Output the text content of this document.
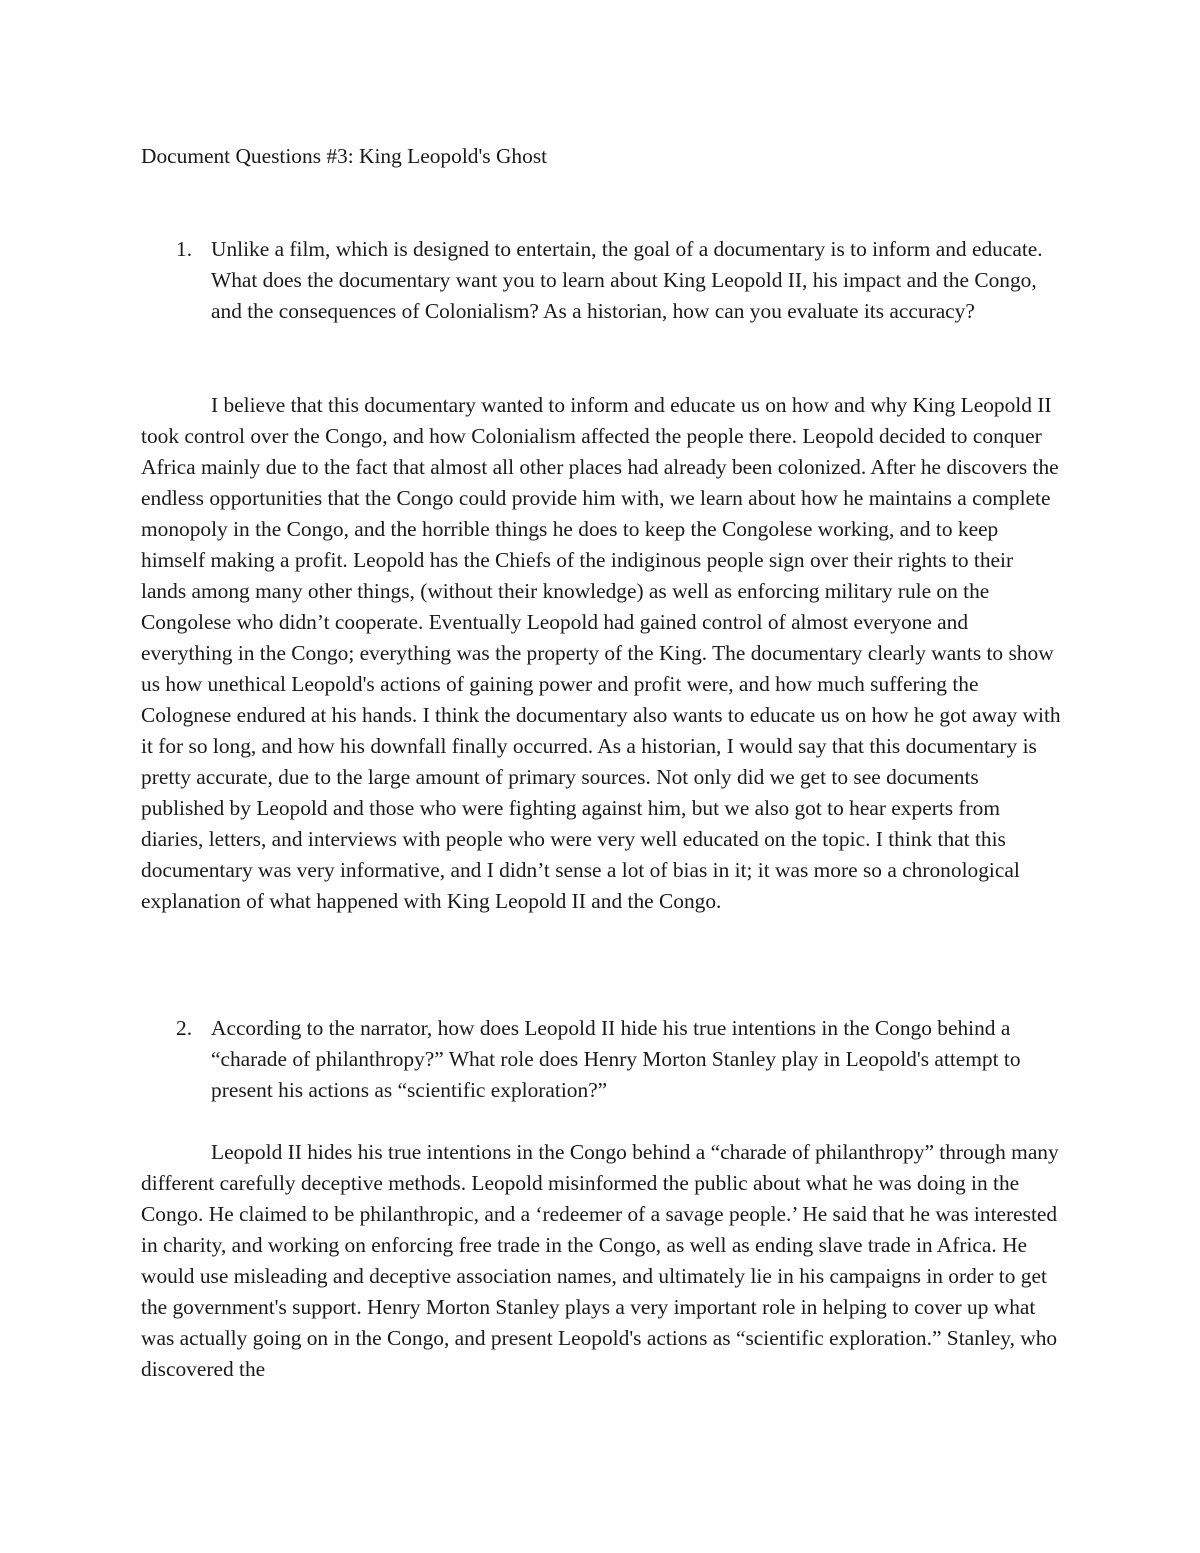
Document Questions #3: King Leopold's Ghost
1. Unlike a film, which is designed to entertain, the goal of a documentary is to inform and educate. What does the documentary want you to learn about King Leopold II, his impact and the Congo, and the consequences of Colonialism? As a historian, how can you evaluate its accuracy?

I believe that this documentary wanted to inform and educate us on how and why King Leopold II took control over the Congo, and how Colonialism affected the people there. Leopold decided to conquer Africa mainly due to the fact that almost all other places had already been colonized. After he discovers the endless opportunities that the Congo could provide him with, we learn about how he maintains a complete monopoly in the Congo, and the horrible things he does to keep the Congolese working, and to keep himself making a profit. Leopold has the Chiefs of the indiginous people sign over their rights to their lands among many other things, (without their knowledge) as well as enforcing military rule on the Congolese who didn’t cooperate. Eventually Leopold had gained control of almost everyone and everything in the Congo; everything was the property of the King. The documentary clearly wants to show us how unethical Leopold's actions of gaining power and profit were, and how much suffering the Colognese endured at his hands. I think the documentary also wants to educate us on how he got away with it for so long, and how his downfall finally occurred. As a historian, I would say that this documentary is pretty accurate, due to the large amount of primary sources. Not only did we get to see documents published by Leopold and those who were fighting against him, but we also got to hear experts from diaries, letters, and interviews with people who were very well educated on the topic. I think that this documentary was very informative, and I didn’t sense a lot of bias in it; it was more so a chronological explanation of what happened with King Leopold II and the Congo.

2. According to the narrator, how does Leopold II hide his true intentions in the Congo behind a “charade of philanthropy?” What role does Henry Morton Stanley play in Leopold's attempt to present his actions as “scientific exploration?”

Leopold II hides his true intentions in the Congo behind a “charade of philanthropy” through many different carefully deceptive methods. Leopold misinformed the public about what he was doing in the Congo. He claimed to be philanthropic, and a ‘redeemer of a savage people.’ He said that he was interested in charity, and working on enforcing free trade in the Congo, as well as ending slave trade in Africa. He would use misleading and deceptive association names, and ultimately lie in his campaigns in order to get the government's support. Henry Morton Stanley plays a very important role in helping to cover up what was actually going on in the Congo, and present Leopold's actions as “scientific exploration.” Stanley, who discovered the
